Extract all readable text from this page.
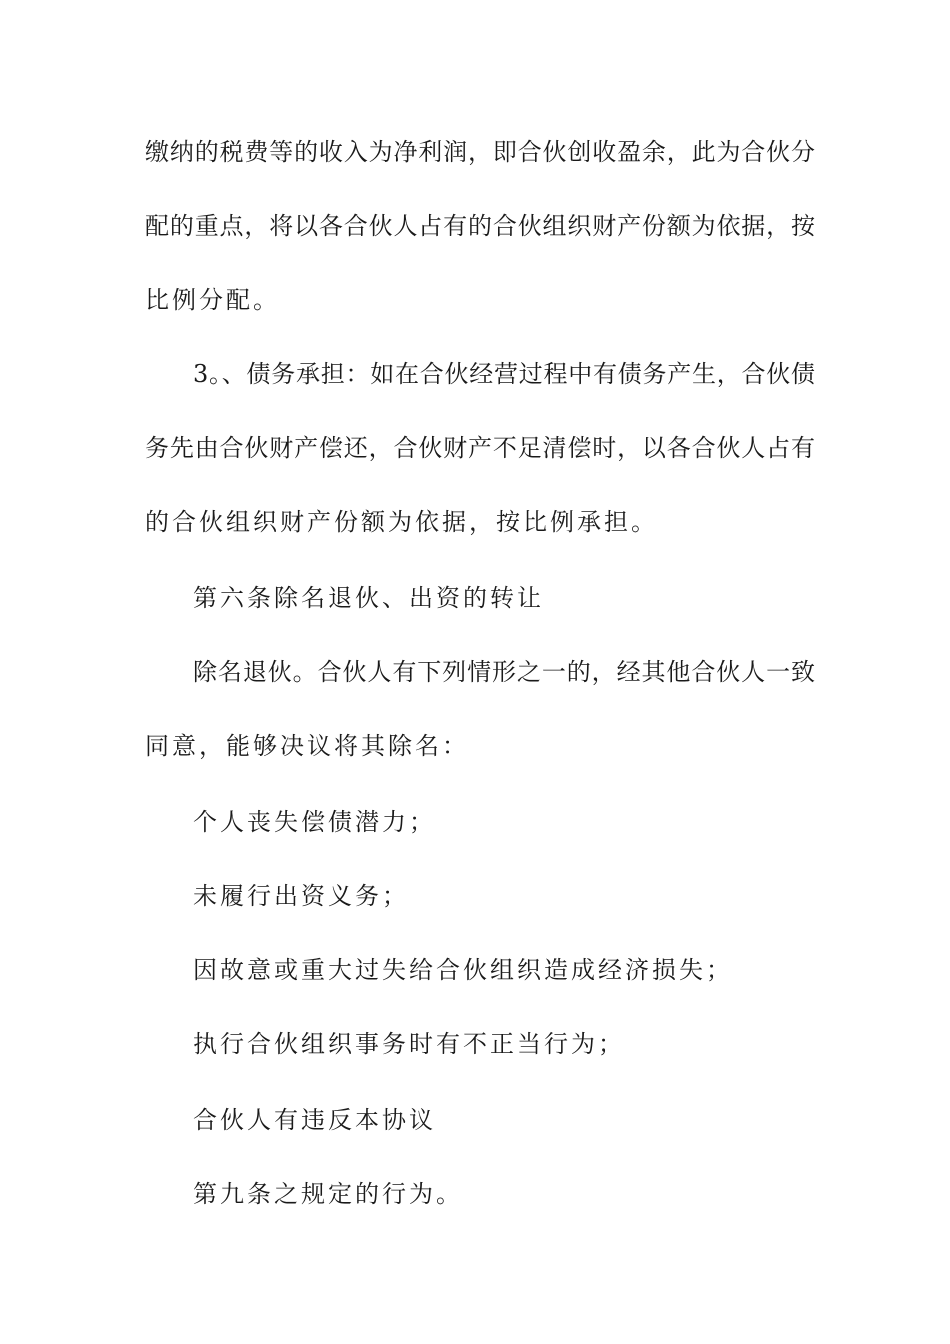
缴纳的税费等的收入为净利润，即合伙创收盈余，此为合伙分
配的重点，将以各合伙人占有的合伙组织财产份额为依据，按
比例分配。
3。、债务承担：如在合伙经营过程中有债务产生，合伙债
务先由合伙财产偿还，合伙财产不足清偿时，以各合伙人占有
的合伙组织财产份额为依据，按比例承担。
第六条除名退伙、出资的转让
除名退伙。合伙人有下列情形之一的，经其他合伙人一致
同意，能够决议将其除名：
个人丧失偿债潜力；
未履行出资义务；
因故意或重大过失给合伙组织造成经济损失；
执行合伙组织事务时有不正当行为；
合伙人有违反本协议
第九条之规定的行为。
